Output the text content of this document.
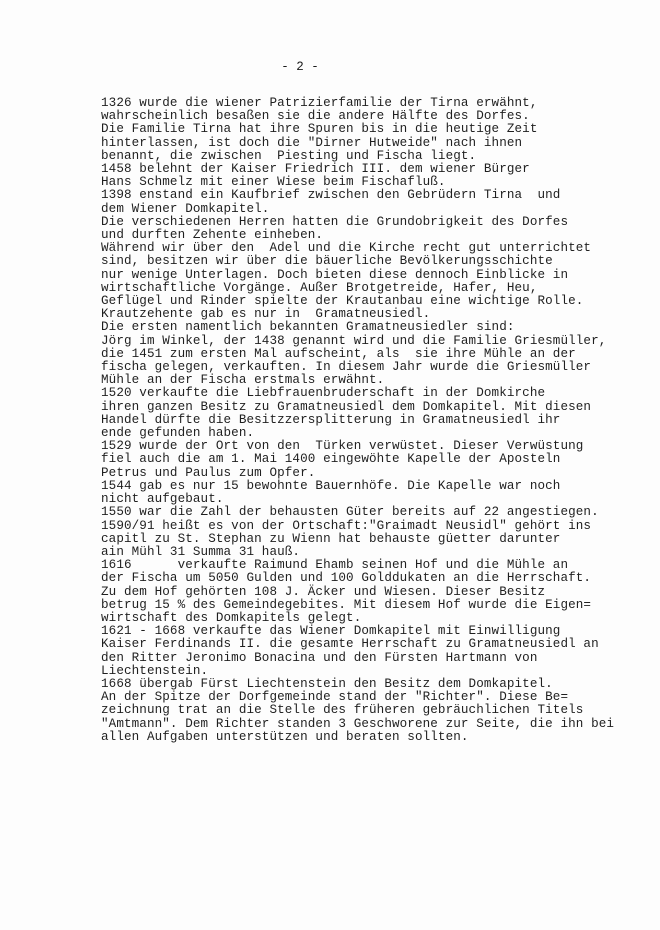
- 2 -
1326 wurde die wiener Patrizierfamilie der Tirna erwähnt,
wahrscheinlich besaßen sie die andere Hälfte des Dorfes.
Die Familie Tirna hat ihre Spuren bis in die heutige Zeit
hinterlassen, ist doch die "Dirner Hutweide" nach ihnen
benannt, die zwischen  Piesting und Fischa liegt.
1458 belehnt der Kaiser Friedrich III. dem wiener Bürger
Hans Schmelz mit einer Wiese beim Fischafluß.
1398 enstand ein Kaufbrief zwischen den Gebrüdern Tirna  und
dem Wiener Domkapitel.
Die verschiedenen Herren hatten die Grundobrigkeit des Dorfes
und durften Zehente einheben.
Während wir über den  Adel und die Kirche recht gut unterrichtet
sind, besitzen wir über die bäuerliche Bevölkerungsschichte
nur wenige Unterlagen. Doch bieten diese dennoch Einblicke in
wirtschaftliche Vorgänge. Außer Brotgetreide, Hafer, Heu,
Geflügel und Rinder spielte der Krautanbau eine wichtige Rolle.
Krautzehente gab es nur in  Gramatneusiedl.
Die ersten namentlich bekannten Gramatneusiedler sind:
Jörg im Winkel, der 1438 genannt wird und die Familie Griesmüller,
die 1451 zum ersten Mal aufscheint, als  sie ihre Mühle an der
fischa gelegen, verkauften. In diesem Jahr wurde die Griesmüller
Mühle an der Fischa erstmals erwähnt.
1520 verkaufte die Liebfrauenbruderschaft in der Domkirche
ihren ganzen Besitz zu Gramatneusiedl dem Domkapitel. Mit diesen
Handel dürfte die Besitzzersplitterung in Gramatneusiedl ihr
ende gefunden haben.
1529 wurde der Ort von den  Türken verwüstet. Dieser Verwüstung
fiel auch die am 1. Mai 1400 eingewöhte Kapelle der Aposteln
Petrus und Paulus zum Opfer.
1544 gab es nur 15 bewohnte Bauernhöfe. Die Kapelle war noch
nicht aufgebaut.
1550 war die Zahl der behausten Güter bereits auf 22 angestiegen.
1590/91 heißt es von der Ortschaft:"Graimadt Neusidl" gehört ins
capitl zu St. Stephan zu Wienn hat behauste güetter darunter
ain Mühl 31 Summa 31 hauß.
1616      verkaufte Raimund Ehamb seinen Hof und die Mühle an
der Fischa um 5050 Gulden und 100 Golddukaten an die Herrschaft.
Zu dem Hof gehörten 108 J. Äcker und Wiesen. Dieser Besitz
betrug 15 % des Gemeindegebites. Mit diesem Hof wurde die Eigen=
wirtschaft des Domkapitels gelegt.
1621 - 1668 verkaufte das Wiener Domkapitel mit Einwilligung
Kaiser Ferdinands II. die gesamte Herrschaft zu Gramatneusiedl an
den Ritter Jeronimo Bonacina und den Fürsten Hartmann von
Liechtenstein.
1668 übergab Fürst Liechtenstein den Besitz dem Domkapitel.
An der Spitze der Dorfgemeinde stand der "Richter". Diese Be=
zeichnung trat an die Stelle des früheren gebräuchlichen Titels
"Amtmann". Dem Richter standen 3 Geschworene zur Seite, die ihn bei
allen Aufgaben unterstützen und beraten sollten.
